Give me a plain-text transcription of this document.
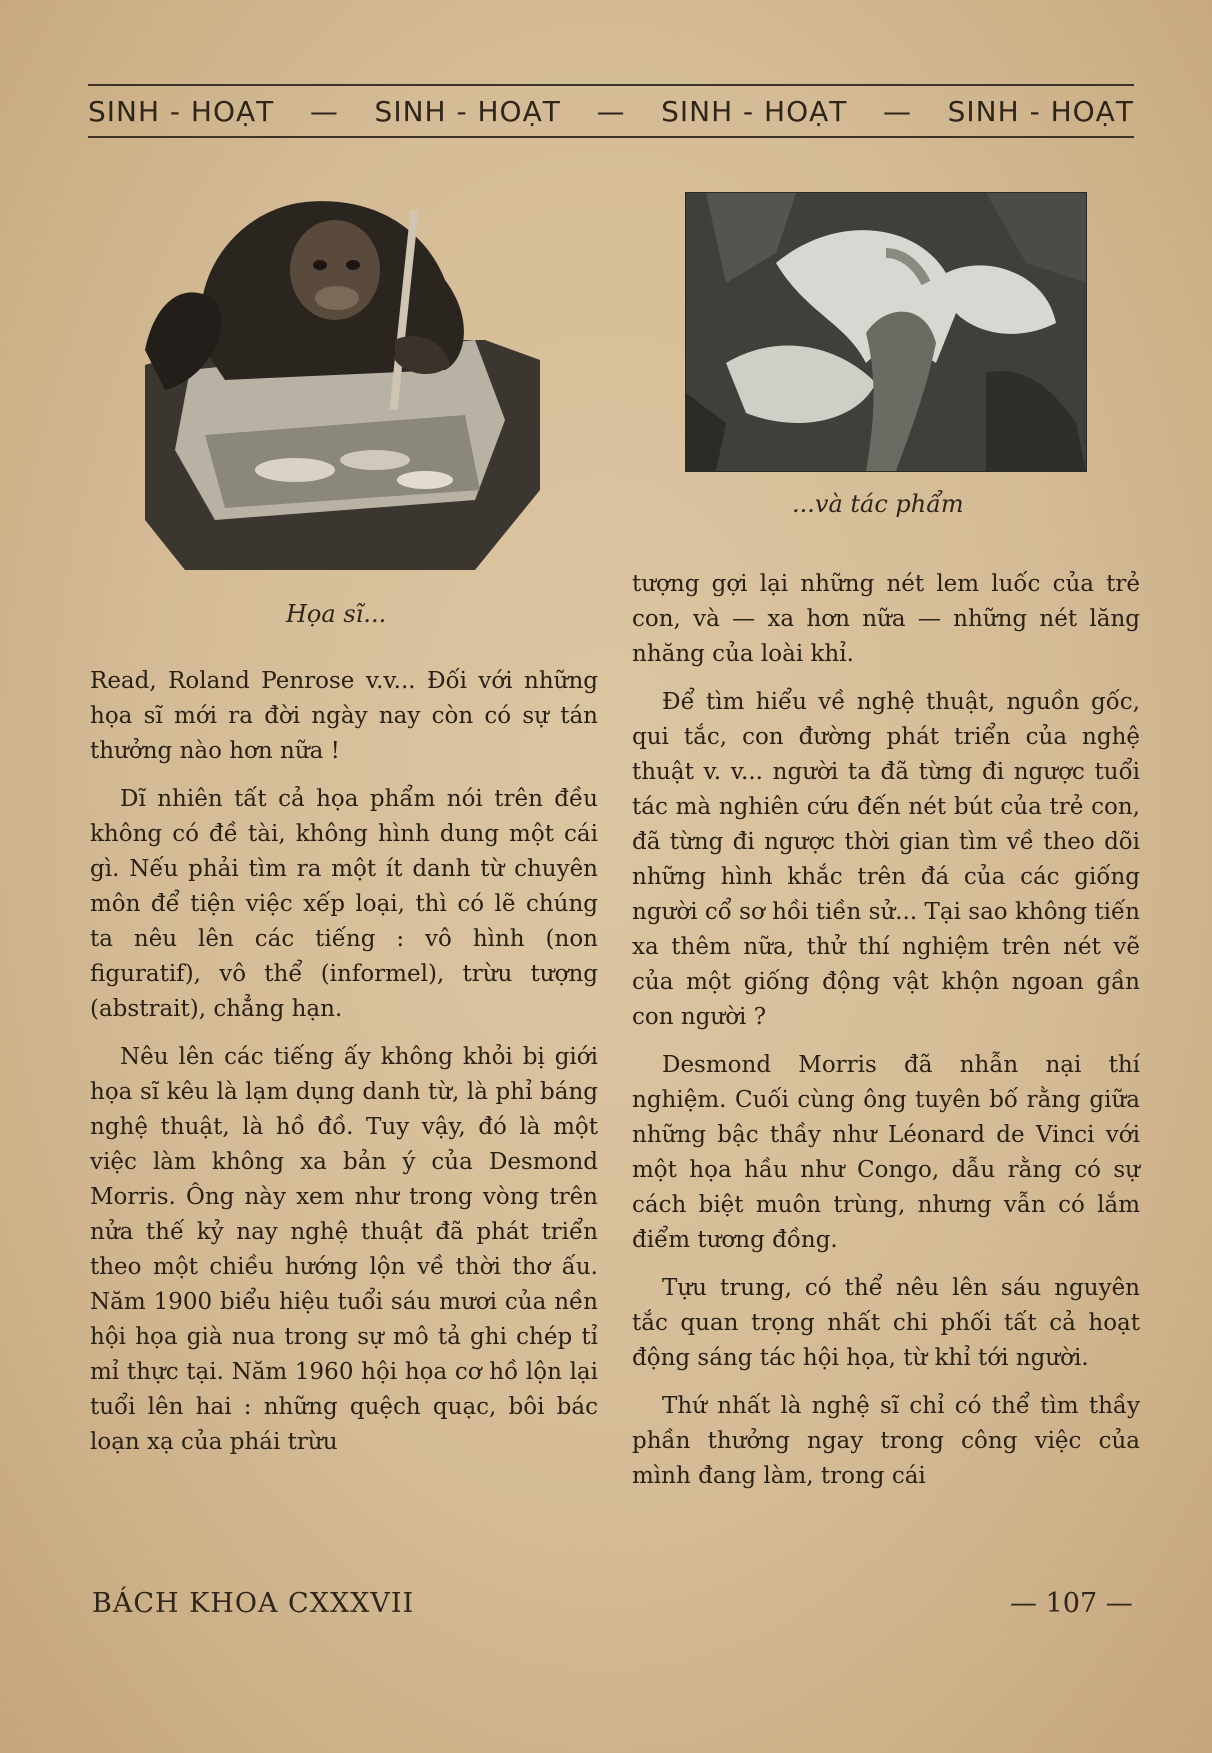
SINH - HOẠT — SINH - HOẠT — SINH - HOẠT — SINH - HOẠT
Họa sĩ...
...và tác phẩm

Read, Roland Penrose v.v... Đối với những họa sĩ mới ra đời ngày nay còn có sự tán thưởng nào hơn nữa !

Dĩ nhiên tất cả họa phẩm nói trên đều không có đề tài, không hình dung một cái gì. Nếu phải tìm ra một ít danh từ chuyên môn để tiện việc xếp loại, thì có lẽ chúng ta nêu lên các tiếng : vô hình (non figuratif), vô thể (informel), trừu tượng (abstrait), chẳng hạn.

Nêu lên các tiếng ấy không khỏi bị giới họa sĩ kêu là lạm dụng danh từ, là phỉ báng nghệ thuật, là hồ đồ. Tuy vậy, đó là một việc làm không xa bản ý của Desmond Morris. Ông này xem như trong vòng trên nửa thế kỷ nay nghệ thuật đã phát triển theo một chiều hướng lộn về thời thơ ấu. Năm 1900 biểu hiệu tuổi sáu mươi của nền hội họa già nua trong sự mô tả ghi chép tỉ mỉ thực tại. Năm 1960 hội họa cơ hồ lộn lại tuổi lên hai : những quệch quạc, bôi bác loạn xạ của phái trừu

tượng gợi lại những nét lem luốc của trẻ con, và — xa hơn nữa — những nét lăng nhăng của loài khỉ.

Để tìm hiểu về nghệ thuật, nguồn gốc, qui tắc, con đường phát triển của nghệ thuật v. v... người ta đã từng đi ngược tuổi tác mà nghiên cứu đến nét bút của trẻ con, đã từng đi ngược thời gian tìm về theo dõi những hình khắc trên đá của các giống người cổ sơ hồi tiền sử... Tại sao không tiến xa thêm nữa, thử thí nghiệm trên nét vẽ của một giống động vật khộn ngoan gần con người ?

Desmond Morris đã nhẫn nại thí nghiệm. Cuối cùng ông tuyên bố rằng giữa những bậc thầy như Léonard de Vinci với một họa hầu như Congo, dẫu rằng có sự cách biệt muôn trùng, nhưng vẫn có lắm điểm tương đồng.

Tựu trung, có thể nêu lên sáu nguyên tắc quan trọng nhất chi phối tất cả hoạt động sáng tác hội họa, từ khỉ tới người.

Thứ nhất là nghệ sĩ chỉ có thể tìm thầy phần thưởng ngay trong công việc của mình đang làm, trong cái

BÁCH KHOA CXXXVII	— 107 —
